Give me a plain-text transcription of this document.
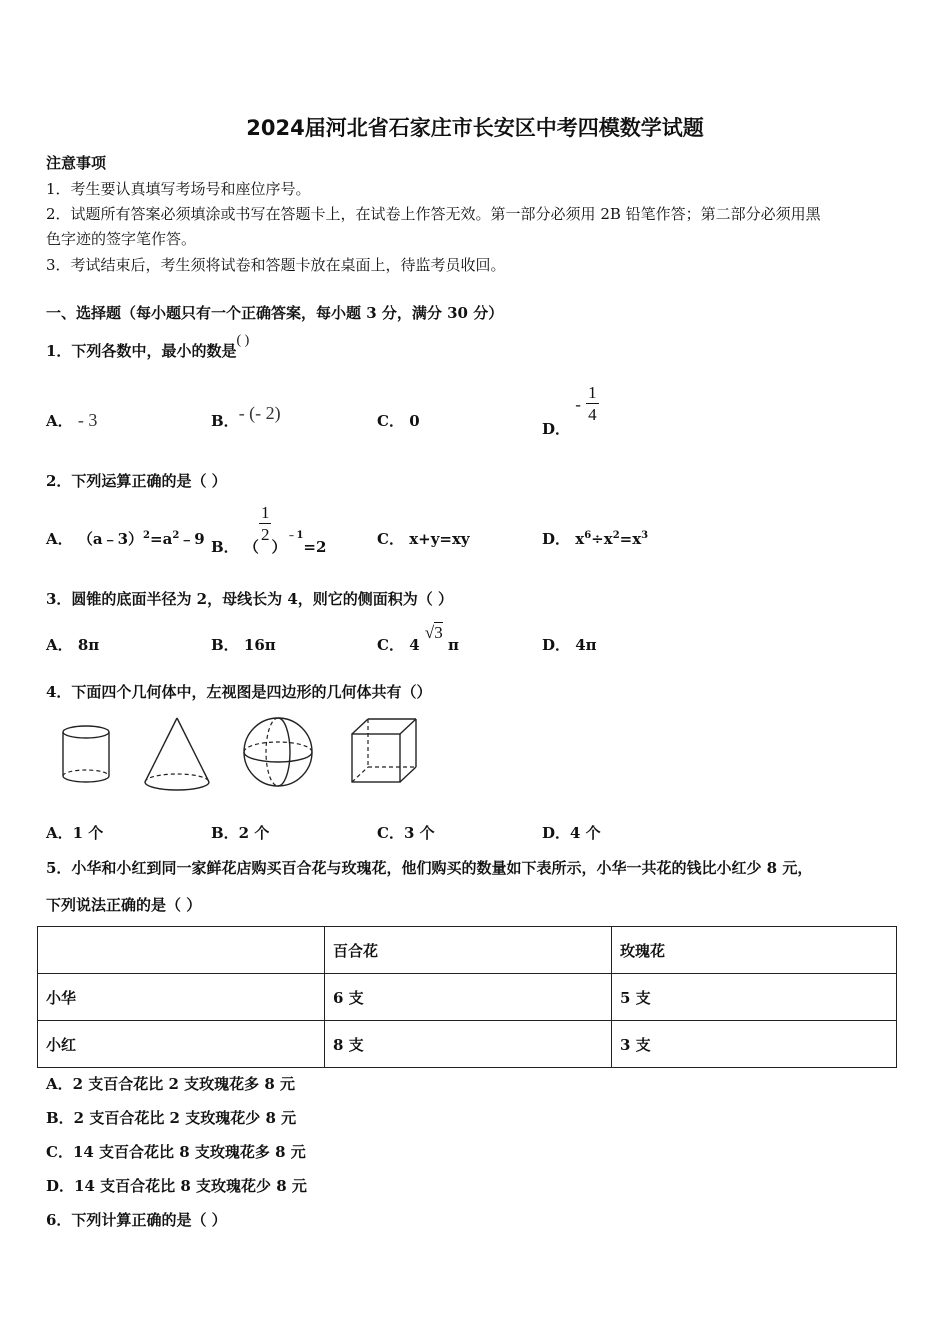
2024届河北省石家庄市长安区中考四模数学试题
注意事项
1．考生要认真填写考场号和座位序号。
2．试题所有答案必须填涂或书写在答题卡上，在试卷上作答无效。第一部分必须用 2B 铅笔作答；第二部分必须用黑
色字迹的签字笔作答。
3．考试结束后，考生须将试卷和答题卡放在桌面上，待监考员收回。
一、选择题（每小题只有一个正确答案，每小题 3 分，满分 30 分）
1．下列各数中，最小的数是( )
A． - 3	B．- (- 2)	C． 0	D． - $\frac{1}{4}$
2．下列运算正确的是（ ）
A． $(a﹣3)^2=a^2﹣9$ B． （
$\frac{1}{2}$
）$^{﹣1}$=2	C． x+y=xy	D． $x^6\div x^2=x^3$
3．圆锥的底面半径为 2，母线长为 4，则它的侧面积为（ ）
A． 8π	B． 16π	C． 4 √3 π	D． 4π
4．下面四个几何体中，左视图是四边形的几何体共有（）
A．1 个	B．2 个	C．3 个	D．4 个
5．小华和小红到同一家鲜花店购买百合花与玫瑰花，他们购买的数量如下表所示，小华一共花的钱比小红少 8 元，
下列说法正确的是（ ）
	百合花	玫瑰花
小华	6 支	5 支
小红	8 支	3 支
A．2 支百合花比 2 支玫瑰花多 8 元
B．2 支百合花比 2 支玫瑰花少 8 元
C．14 支百合花比 8 支玫瑰花多 8 元
D．14 支百合花比 8 支玫瑰花少 8 元
6．下列计算正确的是（ ）
